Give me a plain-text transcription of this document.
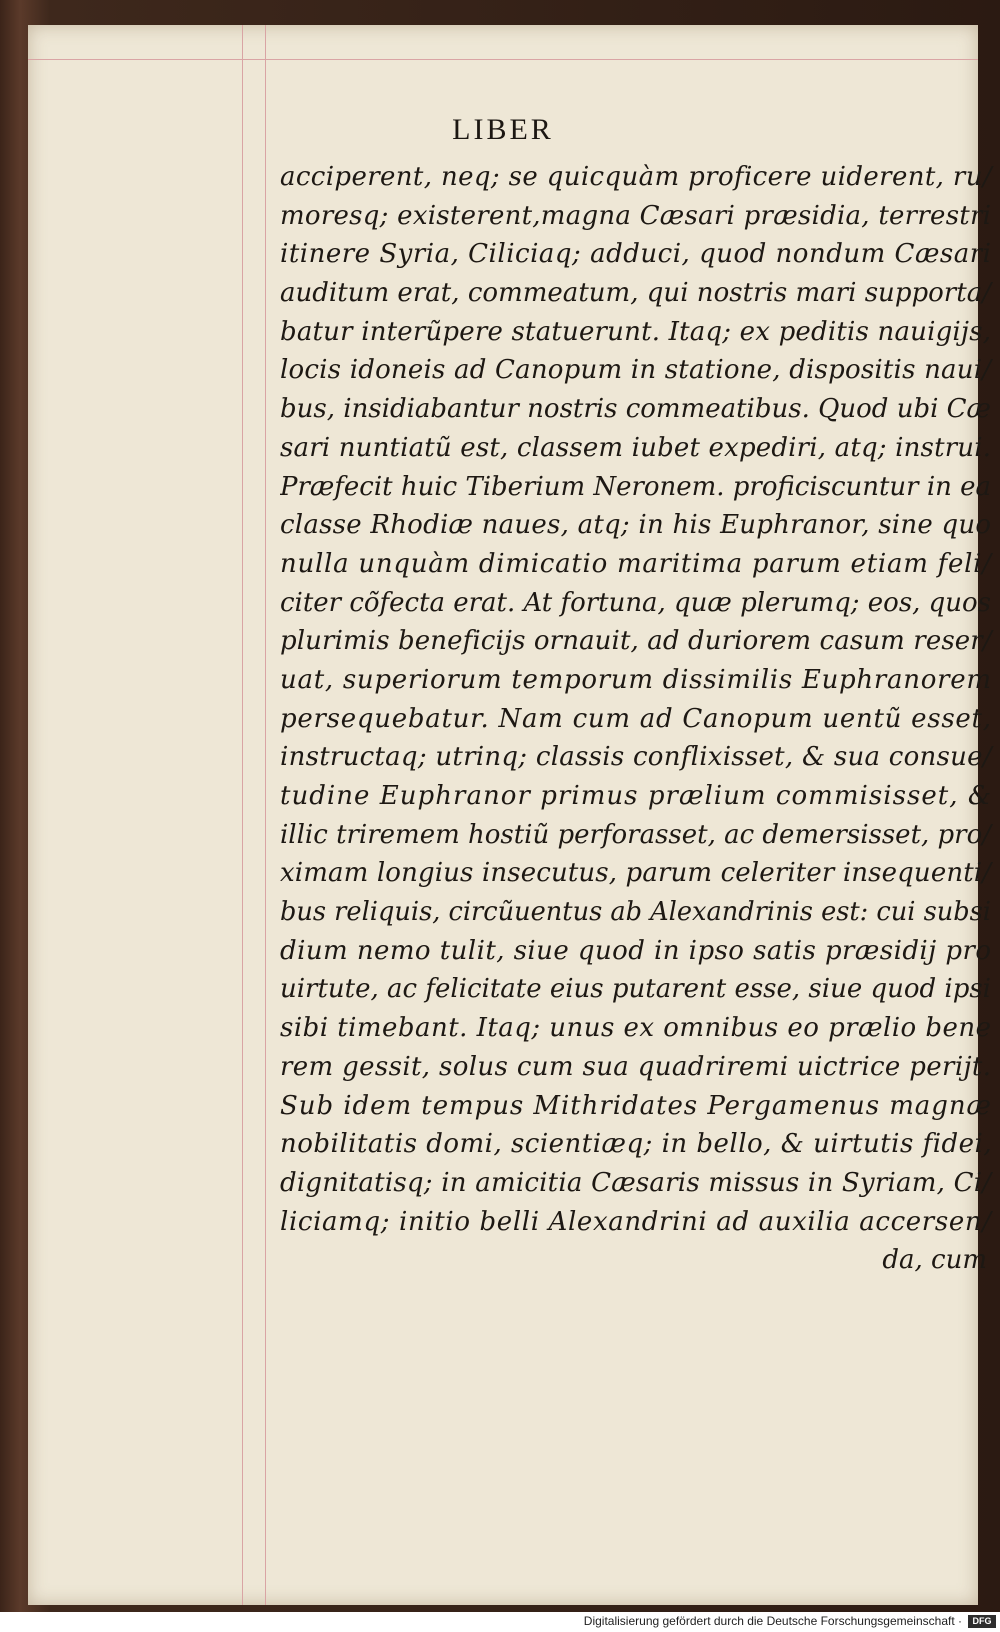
LIBER
acciperent, neq; se quicquàm proficere uiderent, ru/
moresq; existerent,magna Cæsari præsidia, terrestri
itinere Syria, Ciliciaq; adduci, quod nondum Cæsari
auditum erat, commeatum, qui nostris mari supporta/
batur interũpere statuerunt. Itaq; ex peditis nauigijs,
locis idoneis ad Canopum in statione, dispositis naui/
bus, insidiabantur nostris commeatibus. Quod ubi Cæ
sari nuntiatũ est, classem iubet expediri, atq; instrui.
Præfecit huic Tiberium Neronem. proficiscuntur in ea
classe Rhodiæ naues, atq; in his Euphranor, sine quo
nulla unquàm dimicatio maritima parum etiam feli/
citer cõfecta erat. At fortuna, quæ plerumq; eos, quos
plurimis beneficijs ornauit, ad duriorem casum reser/
uat, superiorum temporum dissimilis Euphranorem
persequebatur. Nam cum ad Canopum uentũ esset,
instructaq; utrinq; classis conflixisset, & sua consue/
tudine Euphranor primus prælium commisisset, &
illic triremem hostiũ perforasset, ac demersisset, pro/
ximam longius insecutus, parum celeriter insequenti/
bus reliquis, circũuentus ab Alexandrinis est: cui subsi
dium nemo tulit, siue quod in ipso satis præsidij pro
uirtute, ac felicitate eius putarent esse, siue quod ipsi
sibi timebant. Itaq; unus ex omnibus eo prælio bene
rem gessit, solus cum sua quadriremi uictrice perijt.
Sub idem tempus Mithridates Pergamenus magnæ
nobilitatis domi, scientiæq; in bello, & uirtutis fidei,
dignitatisq; in amicitia Cæsaris missus in Syriam, Ci/
liciamq; initio belli Alexandrini ad auxilia accersen/
da, cum
Digitalisierung gefördert durch die Deutsche Forschungsgemeinschaft ·	DFG
